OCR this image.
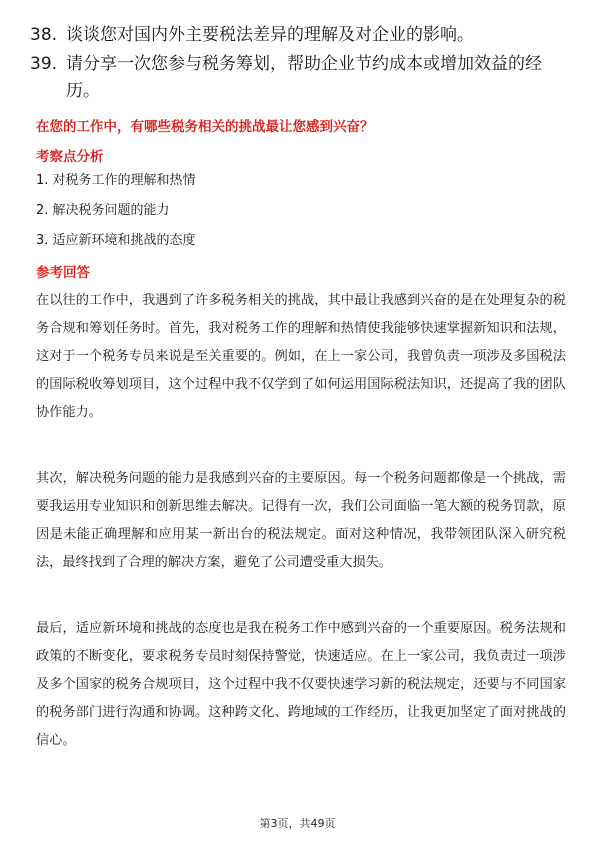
38. 谈谈您对国内外主要税法差异的理解及对企业的影响。
39. 请分享一次您参与税务筹划，帮助企业节约成本或增加效益的经历。
在您的工作中，有哪些税务相关的挑战最让您感到兴奋？
考察点分析
1. 对税务工作的理解和热情
2. 解决税务问题的能力
3. 适应新环境和挑战的态度
参考回答

在以往的工作中，我遇到了许多税务相关的挑战，其中最让我感到兴奋的是在处理复杂的税务合规和筹划任务时。首先，我对税务工作的理解和热情使我能够快速掌握新知识和法规，这对于一个税务专员来说是至关重要的。例如，在上一家公司，我曾负责一项涉及多国税法的国际税收筹划项目，这个过程中我不仅学到了如何运用国际税法知识，还提高了我的团队协作能力。

其次，解决税务问题的能力是我感到兴奋的主要原因。每一个税务问题都像是一个挑战，需要我运用专业知识和创新思维去解决。记得有一次，我们公司面临一笔大额的税务罚款，原因是未能正确理解和应用某一新出台的税法规定。面对这种情况，我带领团队深入研究税法，最终找到了合理的解决方案，避免了公司遭受重大损失。

最后，适应新环境和挑战的态度也是我在税务工作中感到兴奋的一个重要原因。税务法规和政策的不断变化，要求税务专员时刻保持警觉，快速适应。在上一家公司，我负责过一项涉及多个国家的税务合规项目，这个过程中我不仅要快速学习新的税法规定，还要与不同国家的税务部门进行沟通和协调。这种跨文化、跨地域的工作经历，让我更加坚定了面对挑战的信心。

第3页，共49页
